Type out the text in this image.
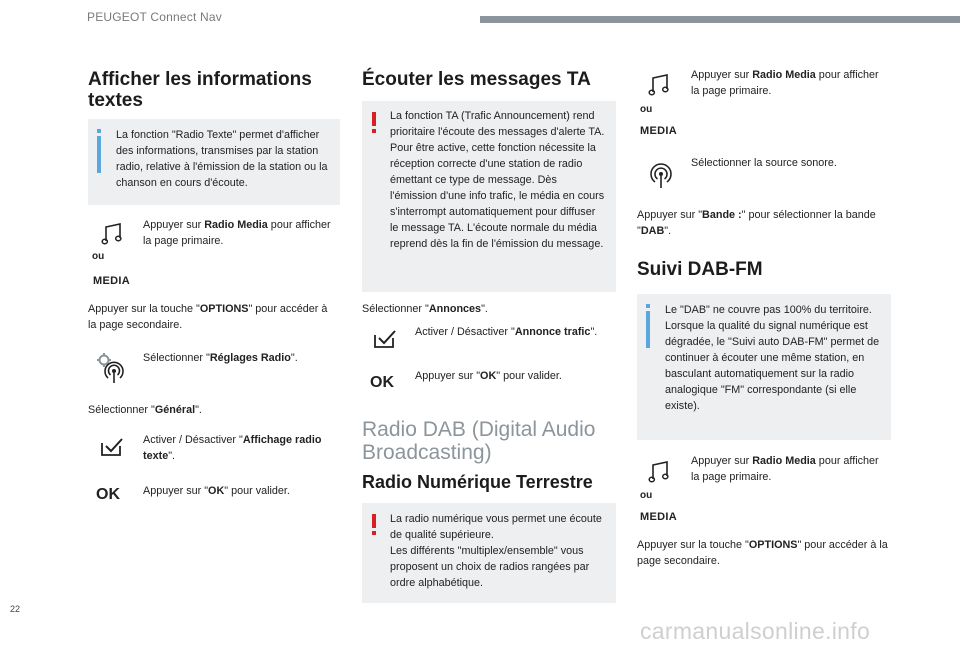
PEUGEOT Connect Nav
Afficher les informations textes

La fonction "Radio Texte" permet d'afficher des informations, transmises par la station radio, relative à l'émission de la station ou la chanson en cours d'écoute.

ou
MEDIA

Appuyer sur Radio Media pour afficher la page primaire.

Appuyer sur la touche "OPTIONS" pour accéder à la page secondaire.

Sélectionner "Réglages Radio".

Sélectionner "Général".

Activer / Désactiver "Affichage radio texte".

OK Appuyer sur "OK" pour valider.

Écouter les messages TA

La fonction TA (Trafic Announcement) rend prioritaire l'écoute des messages d'alerte TA. Pour être active, cette fonction nécessite la réception correcte d'une station de radio émettant ce type de message. Dès l'émission d'une info trafic, le média en cours s'interrompt automatiquement pour diffuser le message TA. L'écoute normale du média reprend dès la fin de l'émission du message.

Sélectionner "Annonces".

Activer / Désactiver "Annonce trafic".

OK Appuyer sur "OK" pour valider.

Radio DAB (Digital Audio Broadcasting)
Radio Numérique Terrestre

La radio numérique vous permet une écoute de qualité supérieure.

Les différents "multiplex/ensemble" vous proposent un choix de radios rangées par ordre alphabétique.

ou
MEDIA

Appuyer sur Radio Media pour afficher la page primaire.

Sélectionner la source sonore.

Appuyer sur "Bande :" pour sélectionner la bande "DAB".

Suivi DAB-FM

Le "DAB" ne couvre pas 100% du territoire.

Lorsque la qualité du signal numérique est dégradée, le "Suivi auto DAB-FM" permet de continuer à écouter une même station, en basculant automatiquement sur la radio analogique "FM" correspondante (si elle existe).

ou
MEDIA

Appuyer sur Radio Media pour afficher la page primaire.

Appuyer sur la touche "OPTIONS" pour accéder à la page secondaire.

22
carmanualsonline.info
